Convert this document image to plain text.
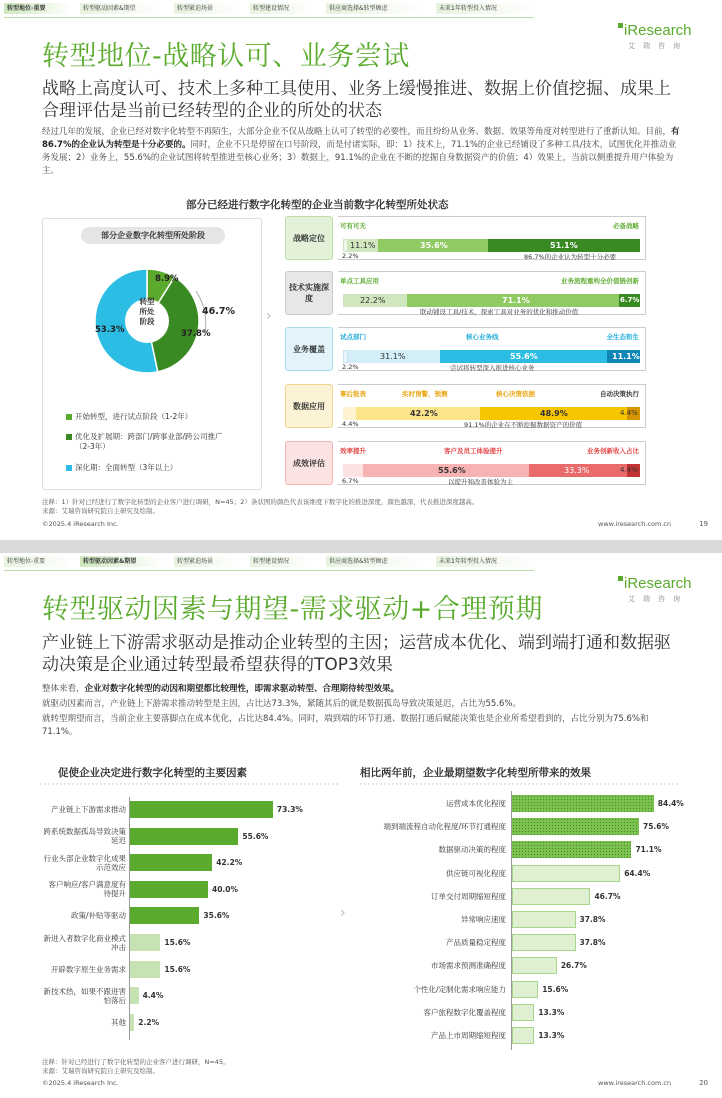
转型地位-重要	转型驱动因素&期望	转型紧迫场景	转型建设情况	供应商选择&转型顾虑	未来1年转型投入情况
iResearch
艾瑞咨询
转型地位-战略认可、业务尝试
战略上高度认可、技术上多种工具使用、业务上缓慢推进、数据上价值挖掘、成果上合理评估是当前已经转型的企业的所处的状态
经过几年的发展，企业已经对数字化转型不再陌生，大部分企业不仅从战略上认可了转型的必要性，而且纷纷从业务、数据、效果等角度对转型进行了重新认知。目前，有86.7%的企业认为转型是十分必要的。同时，企业不只是停留在口号阶段，而是付诸实际，即：1）技术上，71.1%的企业已经铺设了多种工具/技术，试图优化并推动业务发展；2）业务上，55.6%的企业试图将转型推进至核心业务；3）数据上，91.1%的企业在不断的挖掘自身数据资产的价值；4）效果上，当前以侧重提升用户体验为主。
部分已经进行数字化转型的企业当前数字化转型所处状态
部分企业数字化转型所处阶段
转型
所处
阶段
8.9%
37.8%
53.3%
46.7%
开始转型，进行试点阶段（1-2年）
优化及扩展期：跨部门/跨事业部/跨公司推广（2-3年）
深化期：全面转型（3年以上）
›
战略定位
可有可无	必备战略
11.1%	35.6%	51.1%
2.2%	86.7%的企业认为转型十分必要
技术实施深度
单点工具应用	业务流程重构全价值链创新
22.2%	71.1%	6.7%
联动铺设工具/技术，探索工具对业务的优化和推动价值
业务覆盖
试点部门	核心业务线	全生态衔生
31.1%	55.6%	11.1%
2.2%	尝试将转型深入推进核心业务
数据应用
事后报表	实时预警，预测	核心决策依据	自动决策执行
42.2%	48.9%	4.4%
4.4%	91.1%的企业在不断挖掘数据资产的价值
成效评估
效率提升	客户及员工体验提升	业务创新收入占比
55.6%	33.3%	4.4%
6.7%	以提升和改善体验为主
注释：1）针对已经进行了数字化转型的企业客户进行调研，N=45；2）条状图的颜色代表该维度下数字化的推进深度，颜色越深，代表推进深度越高。
来源：艾瑞咨询研究院自主研究及绘制。
©2025.4 iResearch Inc.	www.iresearch.com.cn	19
转型地位-重要	转型驱动因素&期望	转型紧迫场景	转型建设情况	供应商选择&转型顾虑	未来1年转型投入情况
iResearch
艾瑞咨询
转型驱动因素与期望-需求驱动+合理预期
产业链上下游需求驱动是推动企业转型的主因；运营成本优化、端到端打通和数据驱动决策是企业通过转型最希望获得的TOP3效果
整体来看，企业对数字化转型的动因和期望都比较理性，即需求驱动转型、合理期待转型效果。
就驱动因素而言，产业链上下游需求推动转型是主因，占比达73.3%，紧随其后的就是数据孤岛导致决策延迟，占比为55.6%。
就转型期望而言，当前企业主要落脚点在成本优化，占比达84.4%。同时，端到端的环节打通、数据打通后赋能决策也是企业所希望看到的，占比分别为75.6%和71.1%。
促使企业决定进行数字化转型的主要因素	相比两年前，企业最期望数字化转型所带来的效果
产业链上下游需求推动	73.3%
跨系统数据孤岛导致决策延迟	55.6%
行业头部企业数字化成果示范效应	42.2%
客户响应/客户满意度有待提升	40.0%
政策/补贴等驱动	35.6%
新进入者数字化商业模式冲击	15.6%
开辟数字原生业务需求	15.6%
新技术热，如果不跟进害怕落后 4.4%
其他 2.2%
›
运营成本优化程度	84.4%
端到端流程自动化程度/环节打通程度	75.6%
数据驱动决策的程度	71.1%
供应链可视化程度	64.4%
订单交付周期缩短程度	46.7%
异常响应速度	37.8%
产品质量稳定程度	37.8%
市场需求预测准确程度	26.7%
个性化/定制化需求响应能力	15.6%
客户旅程数字化覆盖程度	13.3%
产品上市周期缩短程度	13.3%
注释：针对已经进行了数字化转型的企业客户进行调研，N=45。
来源：艾瑞咨询研究院自主研究及绘制。
©2025.4 iResearch Inc.	www.iresearch.com.cn	20
